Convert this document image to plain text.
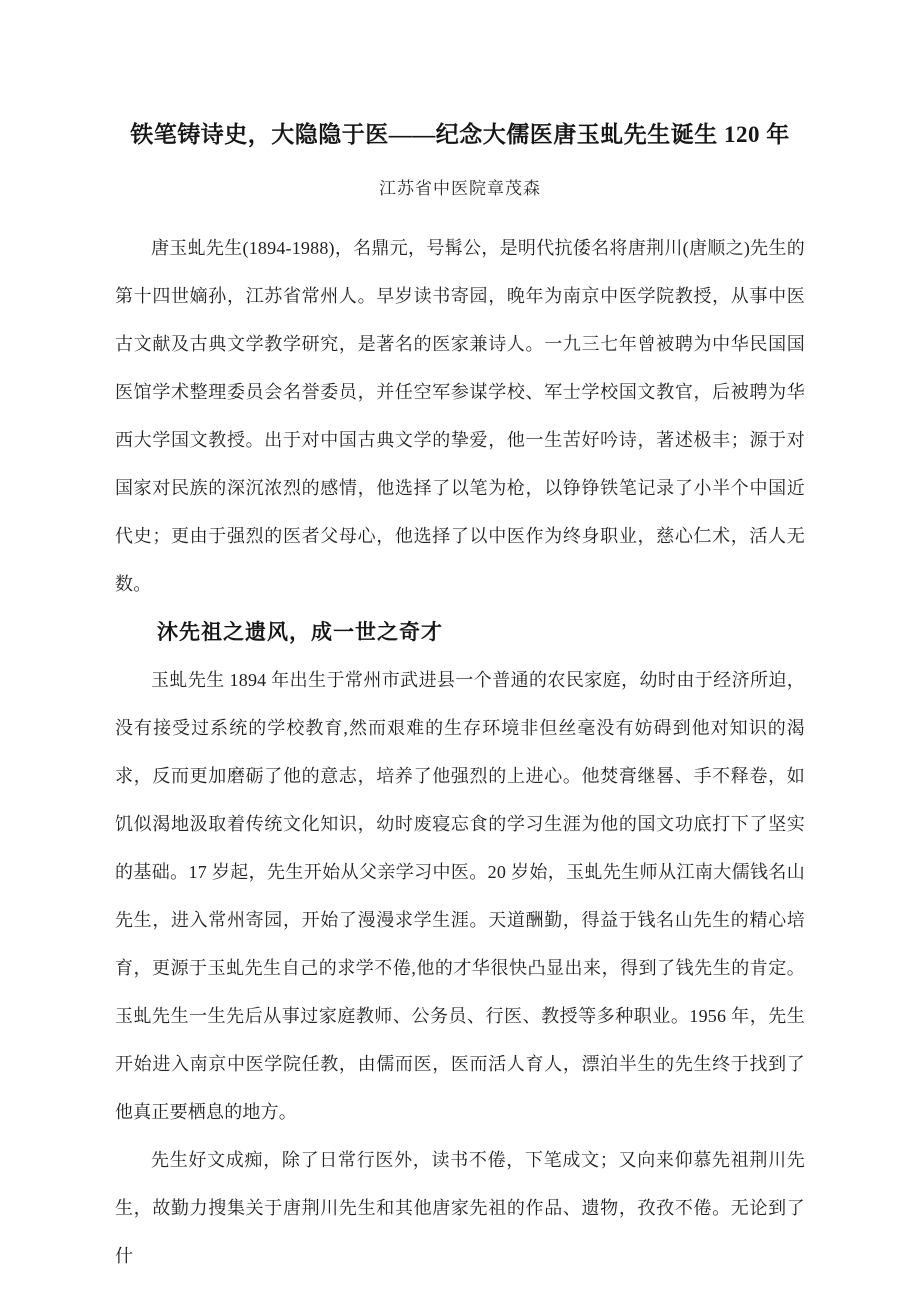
铁笔铸诗史，大隐隐于医——纪念大儒医唐玉虬先生诞生 120 年
江苏省中医院章茂森

唐玉虬先生(1894-1988)，名鼎元，号髯公，是明代抗倭名将唐荆川(唐顺之)先生的第十四世嫡孙，江苏省常州人。早岁读书寄园，晚年为南京中医学院教授，从事中医古文献及古典文学教学研究，是著名的医家兼诗人。一九三七年曾被聘为中华民国国医馆学术整理委员会名誉委员，并任空军参谋学校、军士学校国文教官，后被聘为华西大学国文教授。出于对中国古典文学的挚爱，他一生苦好吟诗，著述极丰；源于对国家对民族的深沉浓烈的感情，他选择了以笔为枪，以铮铮铁笔记录了小半个中国近代史；更由于强烈的医者父母心，他选择了以中医作为终身职业，慈心仁术，活人无数。

沐先祖之遗风，成一世之奇才

玉虬先生 1894 年出生于常州市武进县一个普通的农民家庭，幼时由于经济所迫，没有接受过系统的学校教育,然而艰难的生存环境非但丝毫没有妨碍到他对知识的渴求，反而更加磨砺了他的意志，培养了他强烈的上进心。他焚膏继晷、手不释卷，如饥似渴地汲取着传统文化知识，幼时废寝忘食的学习生涯为他的国文功底打下了坚实的基础。17 岁起，先生开始从父亲学习中医。20 岁始，玉虬先生师从江南大儒钱名山先生，进入常州寄园，开始了漫漫求学生涯。天道酬勤，得益于钱名山先生的精心培育，更源于玉虬先生自己的求学不倦,他的才华很快凸显出来，得到了钱先生的肯定。玉虬先生一生先后从事过家庭教师、公务员、行医、教授等多种职业。1956 年，先生开始进入南京中医学院任教，由儒而医，医而活人育人，漂泊半生的先生终于找到了他真正要栖息的地方。

先生好文成痴，除了日常行医外，读书不倦，下笔成文；又向来仰慕先祖荆川先生，故勤力搜集关于唐荆川先生和其他唐家先祖的作品、遗物，孜孜不倦。无论到了什
